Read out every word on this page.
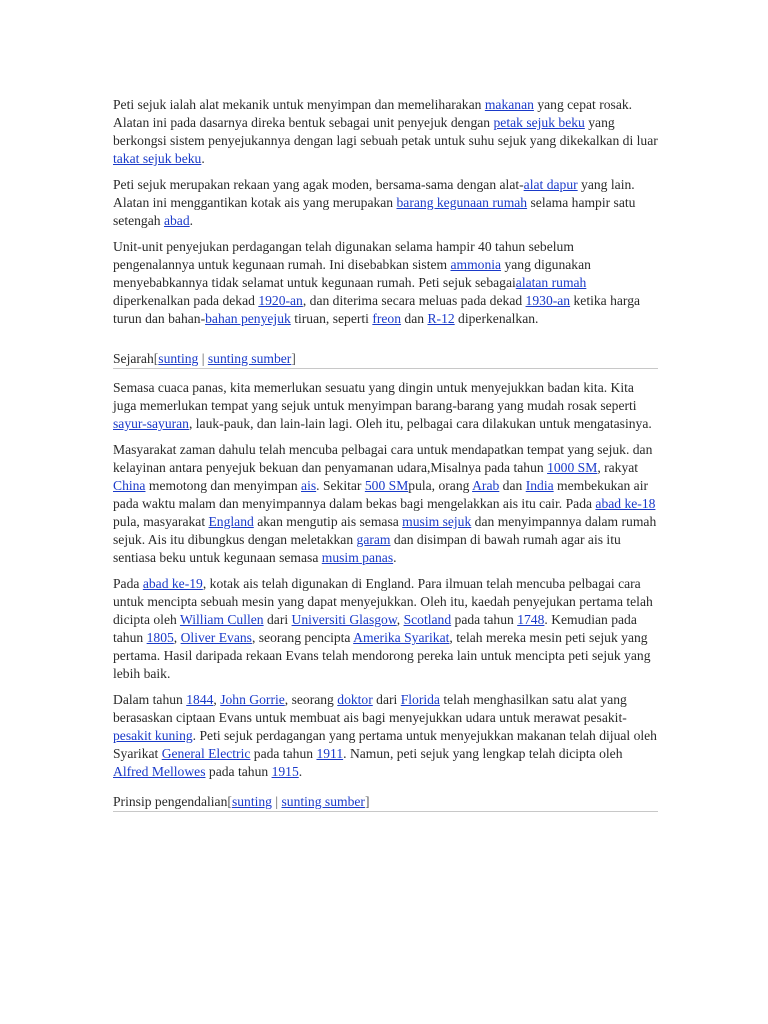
Peti sejuk ialah alat mekanik untuk menyimpan dan memeliharakan makanan yang cepat rosak. Alatan ini pada dasarnya direka bentuk sebagai unit penyejuk dengan petak sejuk beku yang berkongsi sistem penyejukannya dengan lagi sebuah petak untuk suhu sejuk yang dikekalkan di luar takat sejuk beku.

Peti sejuk merupakan rekaan yang agak moden, bersama-sama dengan alat-alat dapur yang lain. Alatan ini menggantikan kotak ais yang merupakan barang kegunaan rumah selama hampir satu setengah abad.

Unit-unit penyejukan perdagangan telah digunakan selama hampir 40 tahun sebelum pengenalannya untuk kegunaan rumah. Ini disebabkan sistem ammonia yang digunakan menyebabkannya tidak selamat untuk kegunaan rumah. Peti sejuk sebagaialatan rumah diperkenalkan pada dekad 1920-an, dan diterima secara meluas pada dekad 1930-an ketika harga turun dan bahan-bahan penyejuk tiruan, seperti freon dan R-12 diperkenalkan.

Sejarah[sunting | sunting sumber]

Semasa cuaca panas, kita memerlukan sesuatu yang dingin untuk menyejukkan badan kita. Kita juga memerlukan tempat yang sejuk untuk menyimpan barang-barang yang mudah rosak seperti sayur-sayuran, lauk-pauk, dan lain-lain lagi. Oleh itu, pelbagai cara dilakukan untuk mengatasinya.

Masyarakat zaman dahulu telah mencuba pelbagai cara untuk mendapatkan tempat yang sejuk. dan kelayinan antara penyejuk bekuan dan penyamanan udara,Misalnya pada tahun 1000 SM, rakyat China memotong dan menyimpan ais. Sekitar 500 SMpula, orang Arab dan India membekukan air pada waktu malam dan menyimpannya dalam bekas bagi mengelakkan ais itu cair. Pada abad ke-18 pula, masyarakat England akan mengutip ais semasa musim sejuk dan menyimpannya dalam rumah sejuk. Ais itu dibungkus dengan meletakkan garam dan disimpan di bawah rumah agar ais itu sentiasa beku untuk kegunaan semasa musim panas.

Pada abad ke-19, kotak ais telah digunakan di England. Para ilmuan telah mencuba pelbagai cara untuk mencipta sebuah mesin yang dapat menyejukkan. Oleh itu, kaedah penyejukan pertama telah dicipta oleh William Cullen dari Universiti Glasgow, Scotland pada tahun 1748. Kemudian pada tahun 1805, Oliver Evans, seorang pencipta Amerika Syarikat, telah mereka mesin peti sejuk yang pertama. Hasil daripada rekaan Evans telah mendorong pereka lain untuk mencipta peti sejuk yang lebih baik.

Dalam tahun 1844, John Gorrie, seorang doktor dari Florida telah menghasilkan satu alat yang berasaskan ciptaan Evans untuk membuat ais bagi menyejukkan udara untuk merawat pesakit-pesakit kuning. Peti sejuk perdagangan yang pertama untuk menyejukkan makanan telah dijual oleh Syarikat General Electric pada tahun 1911. Namun, peti sejuk yang lengkap telah dicipta oleh Alfred Mellowes pada tahun 1915.

Prinsip pengendalian[sunting | sunting sumber]
